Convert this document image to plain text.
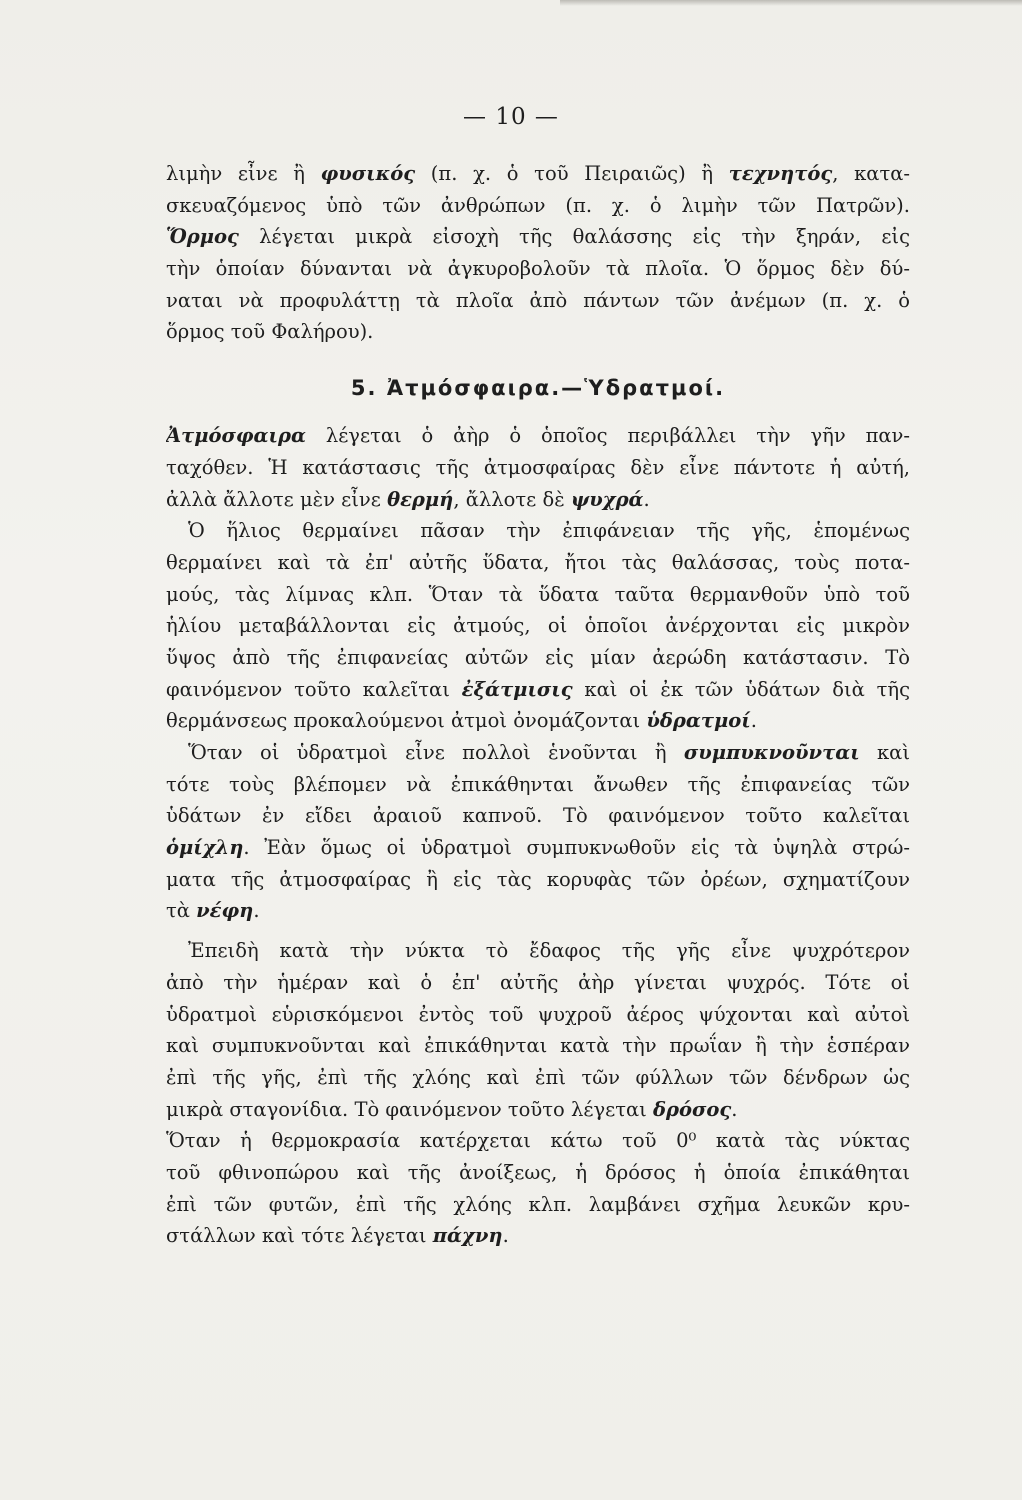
— 10 —
λιμὴν εἶνε ἢ φυσικός (π. χ. ὁ τοῦ Πειραιῶς) ἢ τεχνητός, κατα-
σκευαζόμενος ὑπὸ τῶν ἀνθρώπων (π. χ. ὁ λιμὴν τῶν Πατρῶν).
Ὅρμος λέγεται μικρὰ εἰσοχὴ τῆς θαλάσσης εἰς τὴν ξηράν, εἰς
τὴν ὁποίαν δύνανται νὰ ἀγκυροβολοῦν τὰ πλοῖα. Ὁ ὅρμος δὲν δύ-
ναται νὰ προφυλάττῃ τὰ πλοῖα ἀπὸ πάντων τῶν ἀνέμων (π. χ. ὁ
ὅρμος τοῦ Φαλήρου).
5. Ἀτμόσφαιρα.—Ὑδρατμοί.
Ἀτμόσφαιρα λέγεται ὁ ἀὴρ ὁ ὁποῖος περιβάλλει τὴν γῆν παν-
ταχόθεν. Ἡ κατάστασις τῆς ἀτμοσφαίρας δὲν εἶνε πάντοτε ἡ αὐτή,
ἀλλὰ ἄλλοτε μὲν εἶνε θερμή, ἄλλοτε δὲ ψυχρά.
Ὁ ἥλιος θερμαίνει πᾶσαν τὴν ἐπιφάνειαν τῆς γῆς, ἑπομένως
θερμαίνει καὶ τὰ ἐπ' αὐτῆς ὕδατα, ἤτοι τὰς θαλάσσας, τοὺς ποτα-
μούς, τὰς λίμνας κλπ. Ὅταν τὰ ὕδατα ταῦτα θερμανθοῦν ὑπὸ τοῦ
ἡλίου μεταβάλλονται εἰς ἀτμούς, οἱ ὁποῖοι ἀνέρχονται εἰς μικρὸν
ὕψος ἀπὸ τῆς ἐπιφανείας αὐτῶν εἰς μίαν ἀερώδη κατάστασιν. Τὸ
φαινόμενον τοῦτο καλεῖται ἐξάτμισις καὶ οἱ ἐκ τῶν ὑδάτων διὰ τῆς
θερμάνσεως προκαλούμενοι ἀτμοὶ ὀνομάζονται ὑδρατμοί.
Ὅταν οἱ ὑδρατμοὶ εἶνε πολλοὶ ἑνοῦνται ἢ συμπυκνοῦνται καὶ
τότε τοὺς βλέπομεν νὰ ἐπικάθηνται ἄνωθεν τῆς ἐπιφανείας τῶν
ὑδάτων ἐν εἴδει ἀραιοῦ καπνοῦ. Τὸ φαινόμενον τοῦτο καλεῖται
ὁμίχλη. Ἐὰν ὅμως οἱ ὑδρατμοὶ συμπυκνωθοῦν εἰς τὰ ὑψηλὰ στρώ-
ματα τῆς ἀτμοσφαίρας ἢ εἰς τὰς κορυφὰς τῶν ὀρέων, σχηματίζουν
τὰ νέφη.
Ἐπειδὴ κατὰ τὴν νύκτα τὸ ἔδαφος τῆς γῆς εἶνε ψυχρότερον
ἀπὸ τὴν ἡμέραν καὶ ὁ ἐπ' αὐτῆς ἀὴρ γίνεται ψυχρός. Τότε οἱ
ὑδρατμοὶ εὑρισκόμενοι ἐντὸς τοῦ ψυχροῦ ἀέρος ψύχονται καὶ αὐτοὶ
καὶ συμπυκνοῦνται καὶ ἐπικάθηνται κατὰ τὴν πρωΐαν ἢ τὴν ἑσπέραν
ἐπὶ τῆς γῆς, ἐπὶ τῆς χλόης καὶ ἐπὶ τῶν φύλλων τῶν δένδρων ὡς
μικρὰ σταγονίδια. Τὸ φαινόμενον τοῦτο λέγεται δρόσος.
Ὅταν ἡ θερμοκρασία κατέρχεται κάτω τοῦ 0⁰ κατὰ τὰς νύκτας
τοῦ φθινοπώρου καὶ τῆς ἀνοίξεως, ἡ δρόσος ἡ ὁποία ἐπικάθηται
ἐπὶ τῶν φυτῶν, ἐπὶ τῆς χλόης κλπ. λαμβάνει σχῆμα λευκῶν κρυ-
στάλλων καὶ τότε λέγεται πάχνη.
